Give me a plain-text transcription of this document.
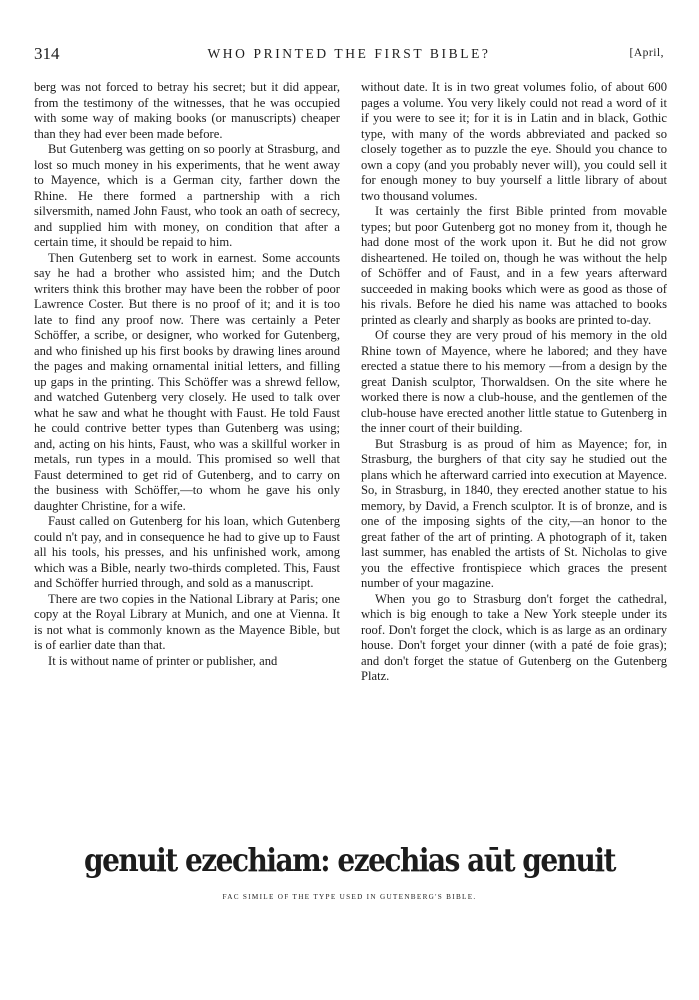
314	WHO PRINTED THE FIRST BIBLE?	[April,

berg was not forced to betray his secret; but it did appear, from the testimony of the witnesses, that he was occupied with some way of making books (or manuscripts) cheaper than they had ever been made before.

But Gutenberg was getting on so poorly at Strasburg, and lost so much money in his experiments, that he went away to Mayence, which is a German city, farther down the Rhine. He there formed a partnership with a rich silversmith, named John Faust, who took an oath of secrecy, and supplied him with money, on condition that after a certain time, it should be repaid to him.

Then Gutenberg set to work in earnest. Some accounts say he had a brother who assisted him; and the Dutch writers think this brother may have been the robber of poor Lawrence Coster. But there is no proof of it; and it is too late to find any proof now. There was certainly a Peter Schöffer, a scribe, or designer, who worked for Gutenberg, and who finished up his first books by drawing lines around the pages and making ornamental initial letters, and filling up gaps in the printing. This Schöffer was a shrewd fellow, and watched Gutenberg very closely. He used to talk over what he saw and what he thought with Faust. He told Faust he could contrive better types than Gutenberg was using; and, acting on his hints, Faust, who was a skillful worker in metals, run types in a mould. This promised so well that Faust determined to get rid of Gutenberg, and to carry on the business with Schöffer,—to whom he gave his only daughter Christine, for a wife.

Faust called on Gutenberg for his loan, which Gutenberg could n't pay, and in consequence he had to give up to Faust all his tools, his presses, and his unfinished work, among which was a Bible, nearly two-thirds completed. This, Faust and Schöffer hurried through, and sold as a manuscript.

There are two copies in the National Library at Paris; one copy at the Royal Library at Munich, and one at Vienna. It is not what is commonly known as the Mayence Bible, but is of earlier date than that.

It is without name of printer or publisher, and

without date. It is in two great volumes folio, of about 600 pages a volume. You very likely could not read a word of it if you were to see it; for it is in Latin and in black, Gothic type, with many of the words abbreviated and packed so closely together as to puzzle the eye. Should you chance to own a copy (and you probably never will), you could sell it for enough money to buy yourself a little library of about two thousand volumes.

It was certainly the first Bible printed from movable types; but poor Gutenberg got no money from it, though he had done most of the work upon it. But he did not grow disheartened. He toiled on, though he was without the help of Schöffer and of Faust, and in a few years afterward succeeded in making books which were as good as those of his rivals. Before he died his name was attached to books printed as clearly and sharply as books are printed to-day.

Of course they are very proud of his memory in the old Rhine town of Mayence, where he labored; and they have erected a statue there to his memory —from a design by the great Danish sculptor, Thorwaldsen. On the site where he worked there is now a club-house, and the gentlemen of the club-house have erected another little statue to Gutenberg in the inner court of their building.

But Strasburg is as proud of him as Mayence; for, in Strasburg, the burghers of that city say he studied out the plans which he afterward carried into execution at Mayence. So, in Strasburg, in 1840, they erected another statue to his memory, by David, a French sculptor. It is of bronze, and is one of the imposing sights of the city,—an honor to the great father of the art of printing. A photograph of it, taken last summer, has enabled the artists of St. Nicholas to give you the effective frontispiece which graces the present number of your magazine.

When you go to Strasburg don't forget the cathedral, which is big enough to take a New York steeple under its roof. Don't forget the clock, which is as large as an ordinary house. Don't forget your dinner (with a paté de foie gras); and don't forget the statue of Gutenberg on the Gutenberg Platz.

genuit ezechiam: ezechias aūt genuit
FAC SIMILE OF THE TYPE USED IN GUTENBERG'S BIBLE.
